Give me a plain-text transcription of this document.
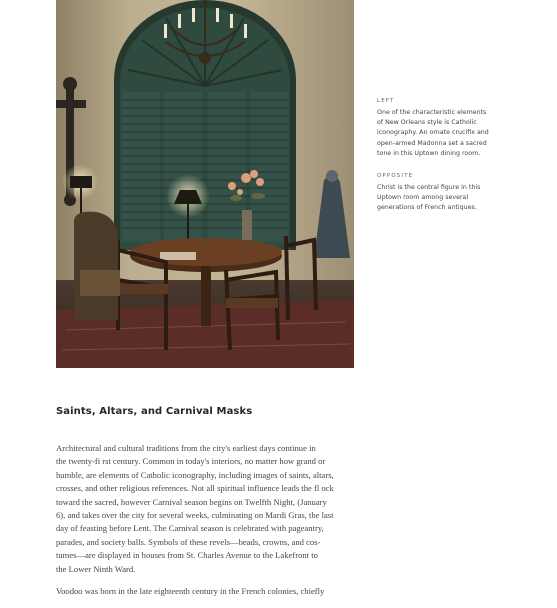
LEFT

One of the characteristic elements
of New Orleans style is Catholic
iconography. An ornate crucifix and
open-armed Madonna set a sacred
tone in this Uptown dining room.

OPPOSITE

Christ is the central figure in this
Uptown room among several
generations of French antiques.

Saints, Altars, and Carnival Masks

Architectural and cultural traditions from the city's earliest days continue in
the twenty-fi rst century. Common in today's interiors, no matter how grand or
humble, are elements of Catholic iconography, including images of saints, altars,
crosses, and other religious references. Not all spiritual influence leads the fl ock
toward the sacred, however Carnival season begins on Twelfth Night, (January
6), and takes over the city for several weeks, culminating on Mardi Gras, the last
day of feasting before Lent. The Carnival season is celebrated with pageantry,
parades, and society balls. Symbols of these revels—beads, crowns, and cos-
tumes—are displayed in houses from St. Charles Avenue to the Lakefront to
the Lower Ninth Ward.

Voodoo was born in the late eighteenth century in the French colonies, chiefly
